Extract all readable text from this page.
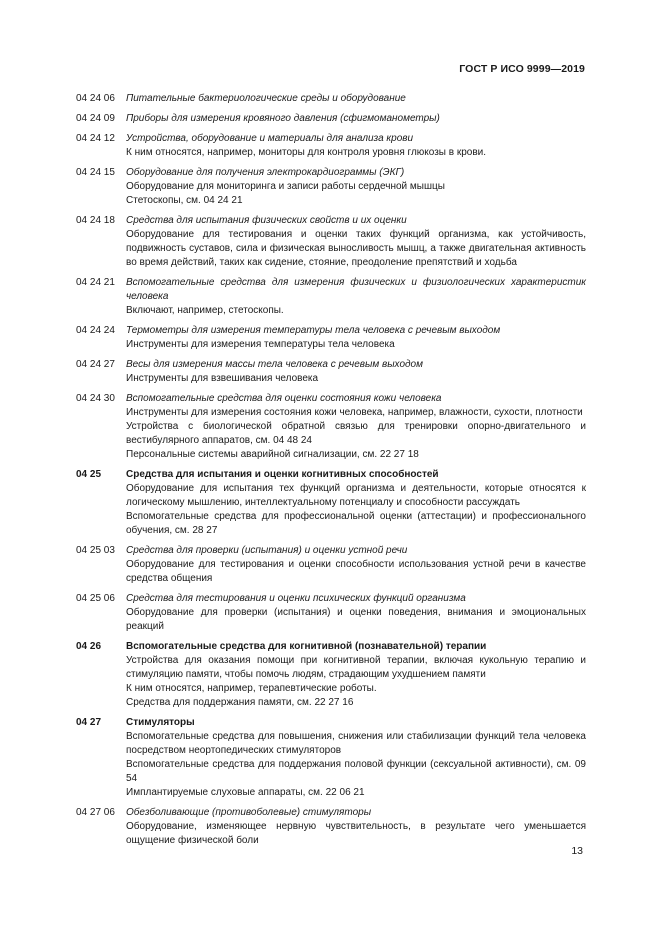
ГОСТ Р ИСО 9999—2019
04 24 06	Питательные бактериологические среды и оборудование
04 24 09	Приборы для измерения кровяного давления (сфигмоманометры)
04 24 12	Устройства, оборудование и материалы для анализа крови
К ним относятся, например, мониторы для контроля уровня глюкозы в крови.
04 24 15	Оборудование для получения электрокардиограммы (ЭКГ)
Оборудование для мониторинга и записи работы сердечной мышцы
Стетоскопы, см. 04 24 21
04 24 18	Средства для испытания физических свойств и их оценки
Оборудование для тестирования и оценки таких функций организма, как устойчивость, подвижность суставов, сила и физическая выносливость мышц, а также двигательная активность во время действий, таких как сидение, стояние, преодоление препятствий и ходьба
04 24 21	Вспомогательные средства для измерения физических и физиологических характеристик человека
Включают, например, стетоскопы.
04 24 24	Термометры для измерения температуры тела человека с речевым выходом
Инструменты для измерения температуры тела человека
04 24 27	Весы для измерения массы тела человека с речевым выходом
Инструменты для взвешивания человека
04 24 30	Вспомогательные средства для оценки состояния кожи человека
Инструменты для измерения состояния кожи человека, например, влажности, сухости, плотности
Устройства с биологической обратной связью для тренировки опорно-двигательного и вестибулярного аппаратов, см. 04 48 24
Персональные системы аварийной сигнализации, см. 22 27 18
04 25	Средства для испытания и оценки когнитивных способностей
Оборудование для испытания тех функций организма и деятельности, которые относятся к логическому мышлению, интеллектуальному потенциалу и способности рассуждать
Вспомогательные средства для профессиональной оценки (аттестации) и профессионального обучения, см. 28 27
04 25 03	Средства для проверки (испытания) и оценки устной речи
Оборудование для тестирования и оценки способности использования устной речи в качестве средства общения
04 25 06	Средства для тестирования и оценки психических функций организма
Оборудование для проверки (испытания) и оценки поведения, внимания и эмоциональных реакций
04 26	Вспомогательные средства для когнитивной (познавательной) терапии
Устройства для оказания помощи при когнитивной терапии, включая кукольную терапию и стимуляцию памяти, чтобы помочь людям, страдающим ухудшением памяти
К ним относятся, например, терапевтические роботы.
Средства для поддержания памяти, см. 22 27 16
04 27	Стимуляторы
Вспомогательные средства для повышения, снижения или стабилизации функций тела человека посредством неортопедических стимуляторов
Вспомогательные средства для поддержания половой функции (сексуальной активности), см. 09 54
Имплантируемые слуховые аппараты, см. 22 06 21
04 27 06	Обезболивающие (противоболевые) стимуляторы
Оборудование, изменяющее нервную чувствительность, в результате чего уменьшается ощущение физической боли
13
